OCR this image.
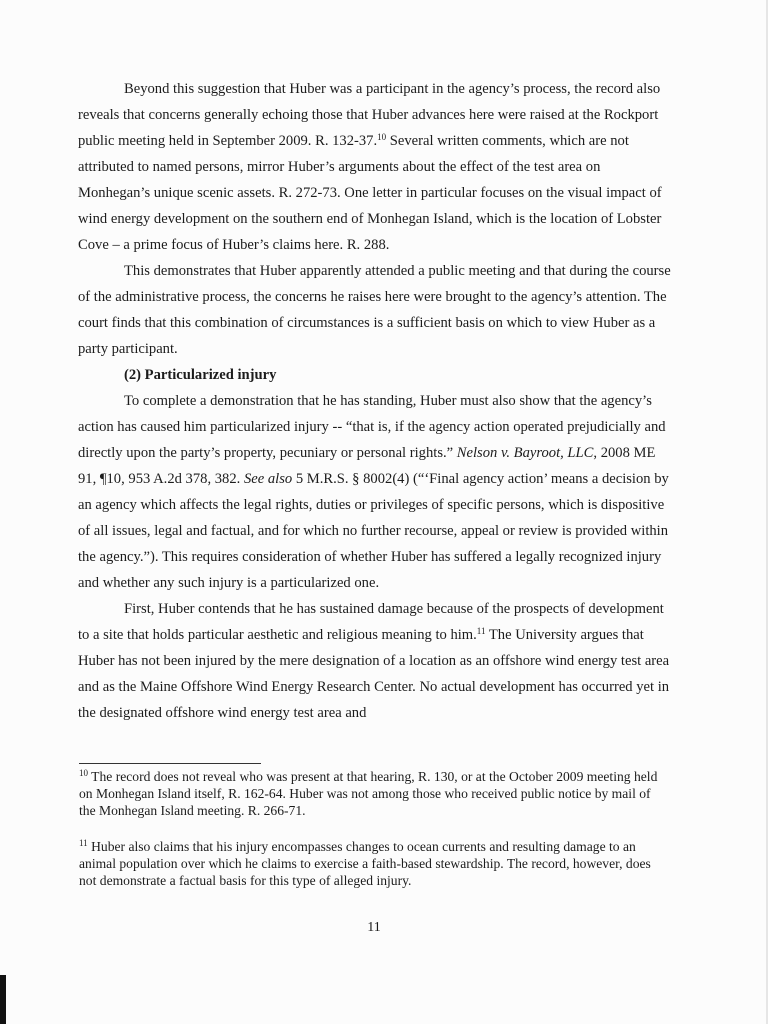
Beyond this suggestion that Huber was a participant in the agency’s process, the record also reveals that concerns generally echoing those that Huber advances here were raised at the Rockport public meeting held in September 2009. R. 132-37.10 Several written comments, which are not attributed to named persons, mirror Huber’s arguments about the effect of the test area on Monhegan’s unique scenic assets. R. 272-73. One letter in particular focuses on the visual impact of wind energy development on the southern end of Monhegan Island, which is the location of Lobster Cove – a prime focus of Huber’s claims here. R. 288.

This demonstrates that Huber apparently attended a public meeting and that during the course of the administrative process, the concerns he raises here were brought to the agency’s attention. The court finds that this combination of circumstances is a sufficient basis on which to view Huber as a party participant.

(2) Particularized injury

To complete a demonstration that he has standing, Huber must also show that the agency’s action has caused him particularized injury -- “that is, if the agency action operated prejudicially and directly upon the party’s property, pecuniary or personal rights.” Nelson v. Bayroot, LLC, 2008 ME 91, ¶10, 953 A.2d 378, 382. See also 5 M.R.S. § 8002(4) (“‘Final agency action’ means a decision by an agency which affects the legal rights, duties or privileges of specific persons, which is dispositive of all issues, legal and factual, and for which no further recourse, appeal or review is provided within the agency.”). This requires consideration of whether Huber has suffered a legally recognized injury and whether any such injury is a particularized one.

First, Huber contends that he has sustained damage because of the prospects of development to a site that holds particular aesthetic and religious meaning to him.$^{11}$ The University argues that Huber has not been injured by the mere designation of a location as an offshore wind energy test area and as the Maine Offshore Wind Energy Research Center. No actual development has occurred yet in the designated offshore wind energy test area and

$^{10}$ The record does not reveal who was present at that hearing, R. 130, or at the October 2009 meeting held on Monhegan Island itself, R. 162-64. Huber was not among those who received public notice by mail of the Monhegan Island meeting. R. 266-71.

$^{11}$ Huber also claims that his injury encompasses changes to ocean currents and resulting damage to an animal population over which he claims to exercise a faith-based stewardship. The record, however, does not demonstrate a factual basis for this type of alleged injury.

11
